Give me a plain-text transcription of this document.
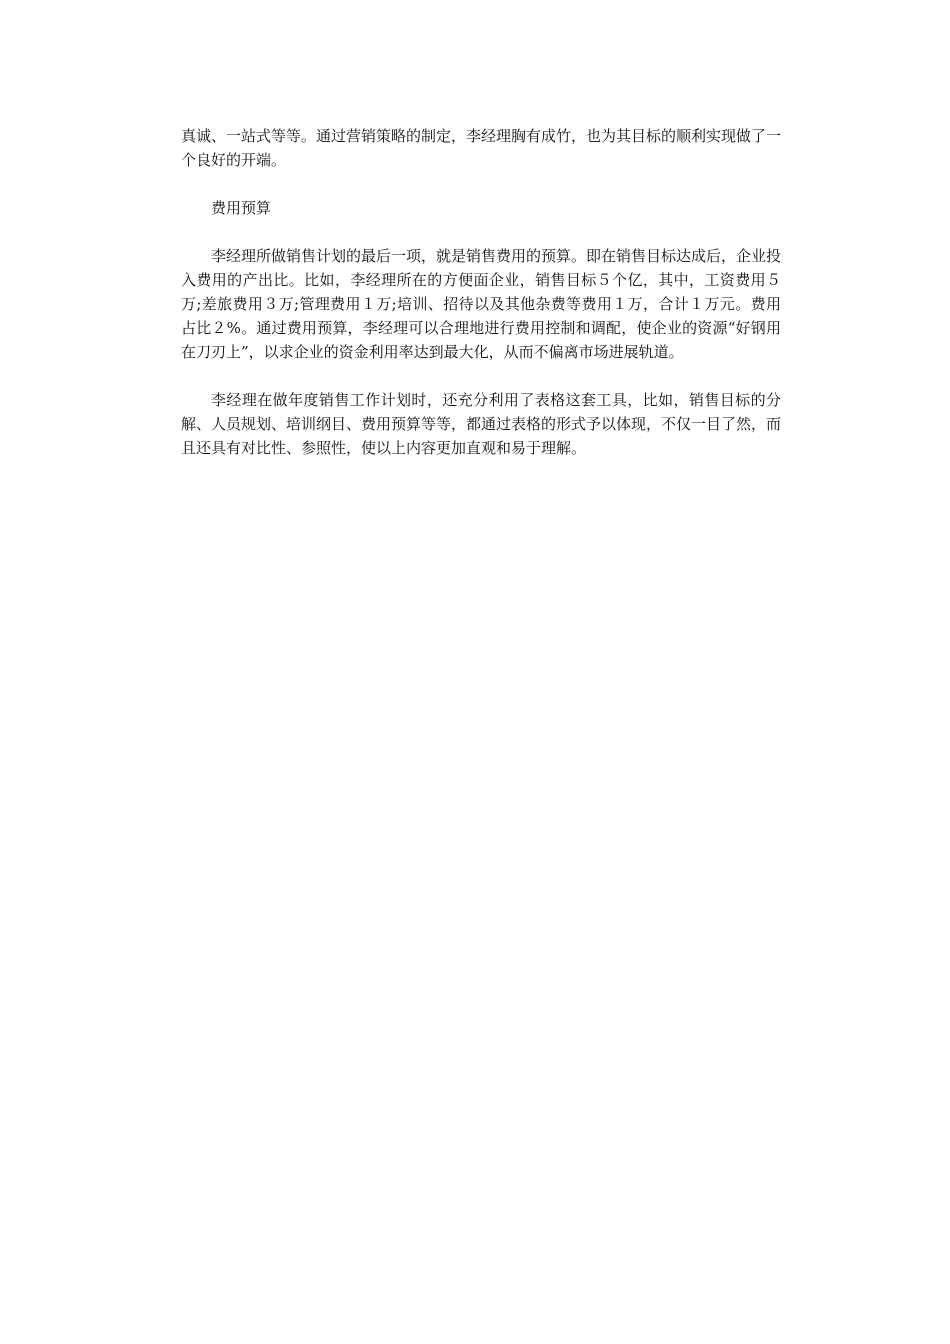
真诚、一站式等等。通过营销策略的制定，李经理胸有成竹，也为其目标的顺利实现做了一个良好的开端。

费用预算

李经理所做销售计划的最后一项，就是销售费用的预算。即在销售目标达成后，企业投入费用的产出比。比如，李经理所在的方便面企业，销售目标５个亿，其中，工资费用５万;差旅费用３万;管理费用１万;培训、招待以及其他杂费等费用１万，合计１万元。费用占比２%。通过费用预算，李经理可以合理地进行费用控制和调配，使企业的资源“好钢用在刀刃上”，以求企业的资金利用率达到最大化，从而不偏离市场进展轨道。

李经理在做年度销售工作计划时，还充分利用了表格这套工具，比如，销售目标的分解、人员规划、培训纲目、费用预算等等，都通过表格的形式予以体现，不仅一目了然，而且还具有对比性、参照性，使以上内容更加直观和易于理解。
